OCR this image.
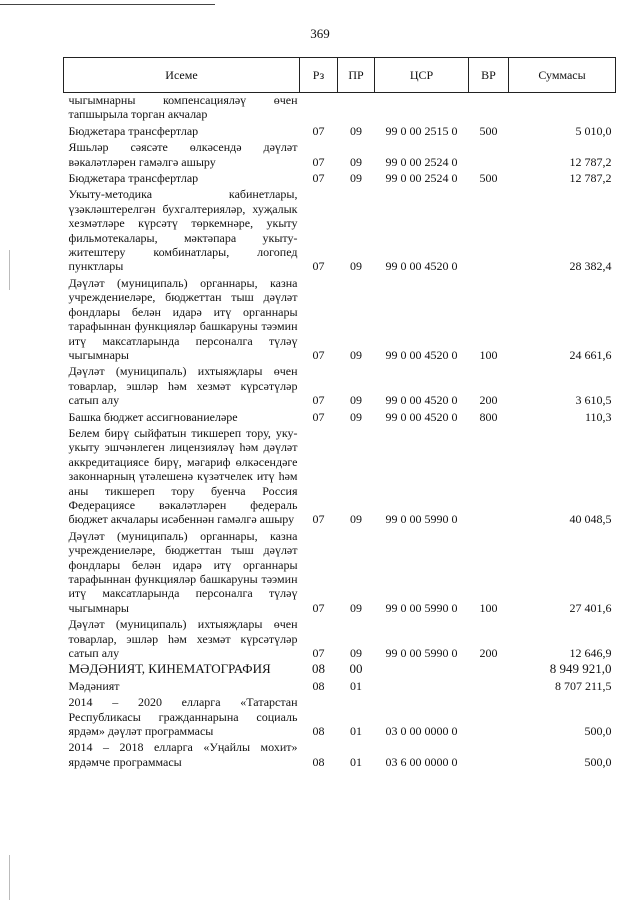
369
Исеме	Рз	ПР	ЦСР	ВР	Суммасы
чыгымнарны компенсацияләү өчен тапшырыла торган акчалар					
Бюджетара трансфертлар	07	09	99 0 00 2515 0	500	5 010,0
Яшьләр сәясәте өлкәсендә дәүләт вәкаләтләрен гамәлгә ашыру	07	09	99 0 00 2524 0		12 787,2
Бюджетара трансфертлар	07	09	99 0 00 2524 0	500	12 787,2
Укыту-методика кабинетлары, үзәкләштерелгән бухгалтерияләр, хуҗалык хезмәтләре күрсәтү төркемнәре, укыту фильмотекалары, мәктәпара укыту-житештеру комбинатлары, логопед пунктлары	07	09	99 0 00 4520 0		28 382,4
Дәүләт (муниципаль) органнары, казна учреждениеләре, бюджеттан тыш дәүләт фондлары белән идарә итү органнары тарафыннан функцияләр башкаруны тәэмин итү максатларында персоналга түләү чыгымнары	07	09	99 0 00 4520 0	100	24 661,6
Дәүләт (муниципаль) ихтыяҗлары өчен товарлар, эшләр һәм хезмәт күрсәтүләр сатып алу	07	09	99 0 00 4520 0	200	3 610,5
Башка бюджет ассигнованиеләре	07	09	99 0 00 4520 0	800	110,3
Белем бирү сыйфатын тикшереп тору, уку-укыту эшчәнлеген лицензияләү һәм дәүләт аккредитациясе бирү, мәгариф өлкәсендәге законнарның үтәлешенә күзәтчелек итү һәм аны тикшереп тору буенча Россия Федерациясе вәкаләтләрен федераль бюджет акчалары исәбеннән гамәлгә ашыру	07	09	99 0 00 5990 0		40 048,5
Дәүләт (муниципаль) органнары, казна учреждениеләре, бюджеттан тыш дәүләт фондлары белән идарә итү органнары тарафыннан функцияләр башкаруны тәэмин итү максатларында персоналга түләү чыгымнары	07	09	99 0 00 5990 0	100	27 401,6
Дәүләт (муниципаль) ихтыяҗлары өчен товарлар, эшләр һәм хезмәт күрсәтүләр сатып алу	07	09	99 0 00 5990 0	200	12 646,9
МӘДӘНИЯТ, КИНЕМАТОГРАФИЯ	08	00			8 949 921,0
Мәдәният	08	01			8 707 211,5
2014 – 2020 елларга «Татарстан Республикасы гражданнарына социаль ярдәм» дәүләт программасы	08	01	03 0 00 0000 0		500,0
2014 – 2018 елларга «Уңайлы мохит» ярдәмче программасы	08	01	03 6 00 0000 0		500,0
